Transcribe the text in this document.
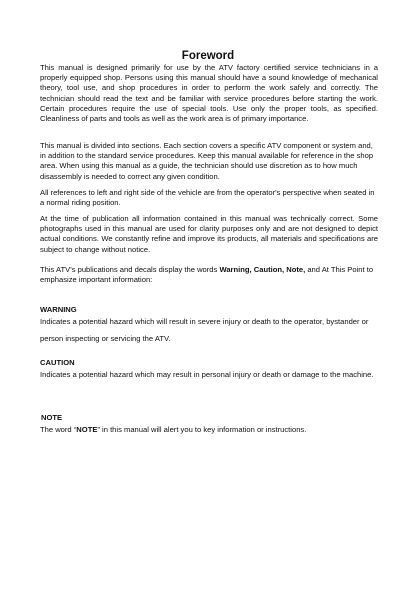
Foreword

This manual is designed primarily for use by the ATV factory certified service technicians in a properly equipped shop. Persons using this manual should have a sound knowledge of mechanical theory, tool use, and shop procedures in order to perform the work safely and correctly. The technician should read the text and be familiar with service procedures before starting the work. Certain procedures require the use of special tools. Use only the proper tools, as specified. Cleanliness of parts and tools as well as the work area is of primary importance.

This manual is divided into sections. Each section covers a specific ATV component or system and, in addition to the standard service procedures. Keep this manual available for reference in the shop area. When using this manual as a guide, the technician should use discretion as to how much disassembly is needed to correct any given condition.

All references to left and right side of the vehicle are from the operator's perspective when seated in a normal riding position.

At the time of publication all information contained in this manual was technically correct. Some photographs used in this manual are used for clarity purposes only and are not designed to depict actual conditions. We constantly refine and improve its products, all materials and specifications are subject to change without notice.

This ATV's publications and decals display the words Warning, Caution, Note, and At This Point to emphasize important information:

WARNING

Indicates a potential hazard which will result in severe injury or death to the operator, bystander or person inspecting or servicing the ATV.

CAUTION

Indicates a potential hazard which may result in personal injury or death or damage to the machine.

NOTE

The word “NOTE” in this manual will alert you to key information or instructions.
